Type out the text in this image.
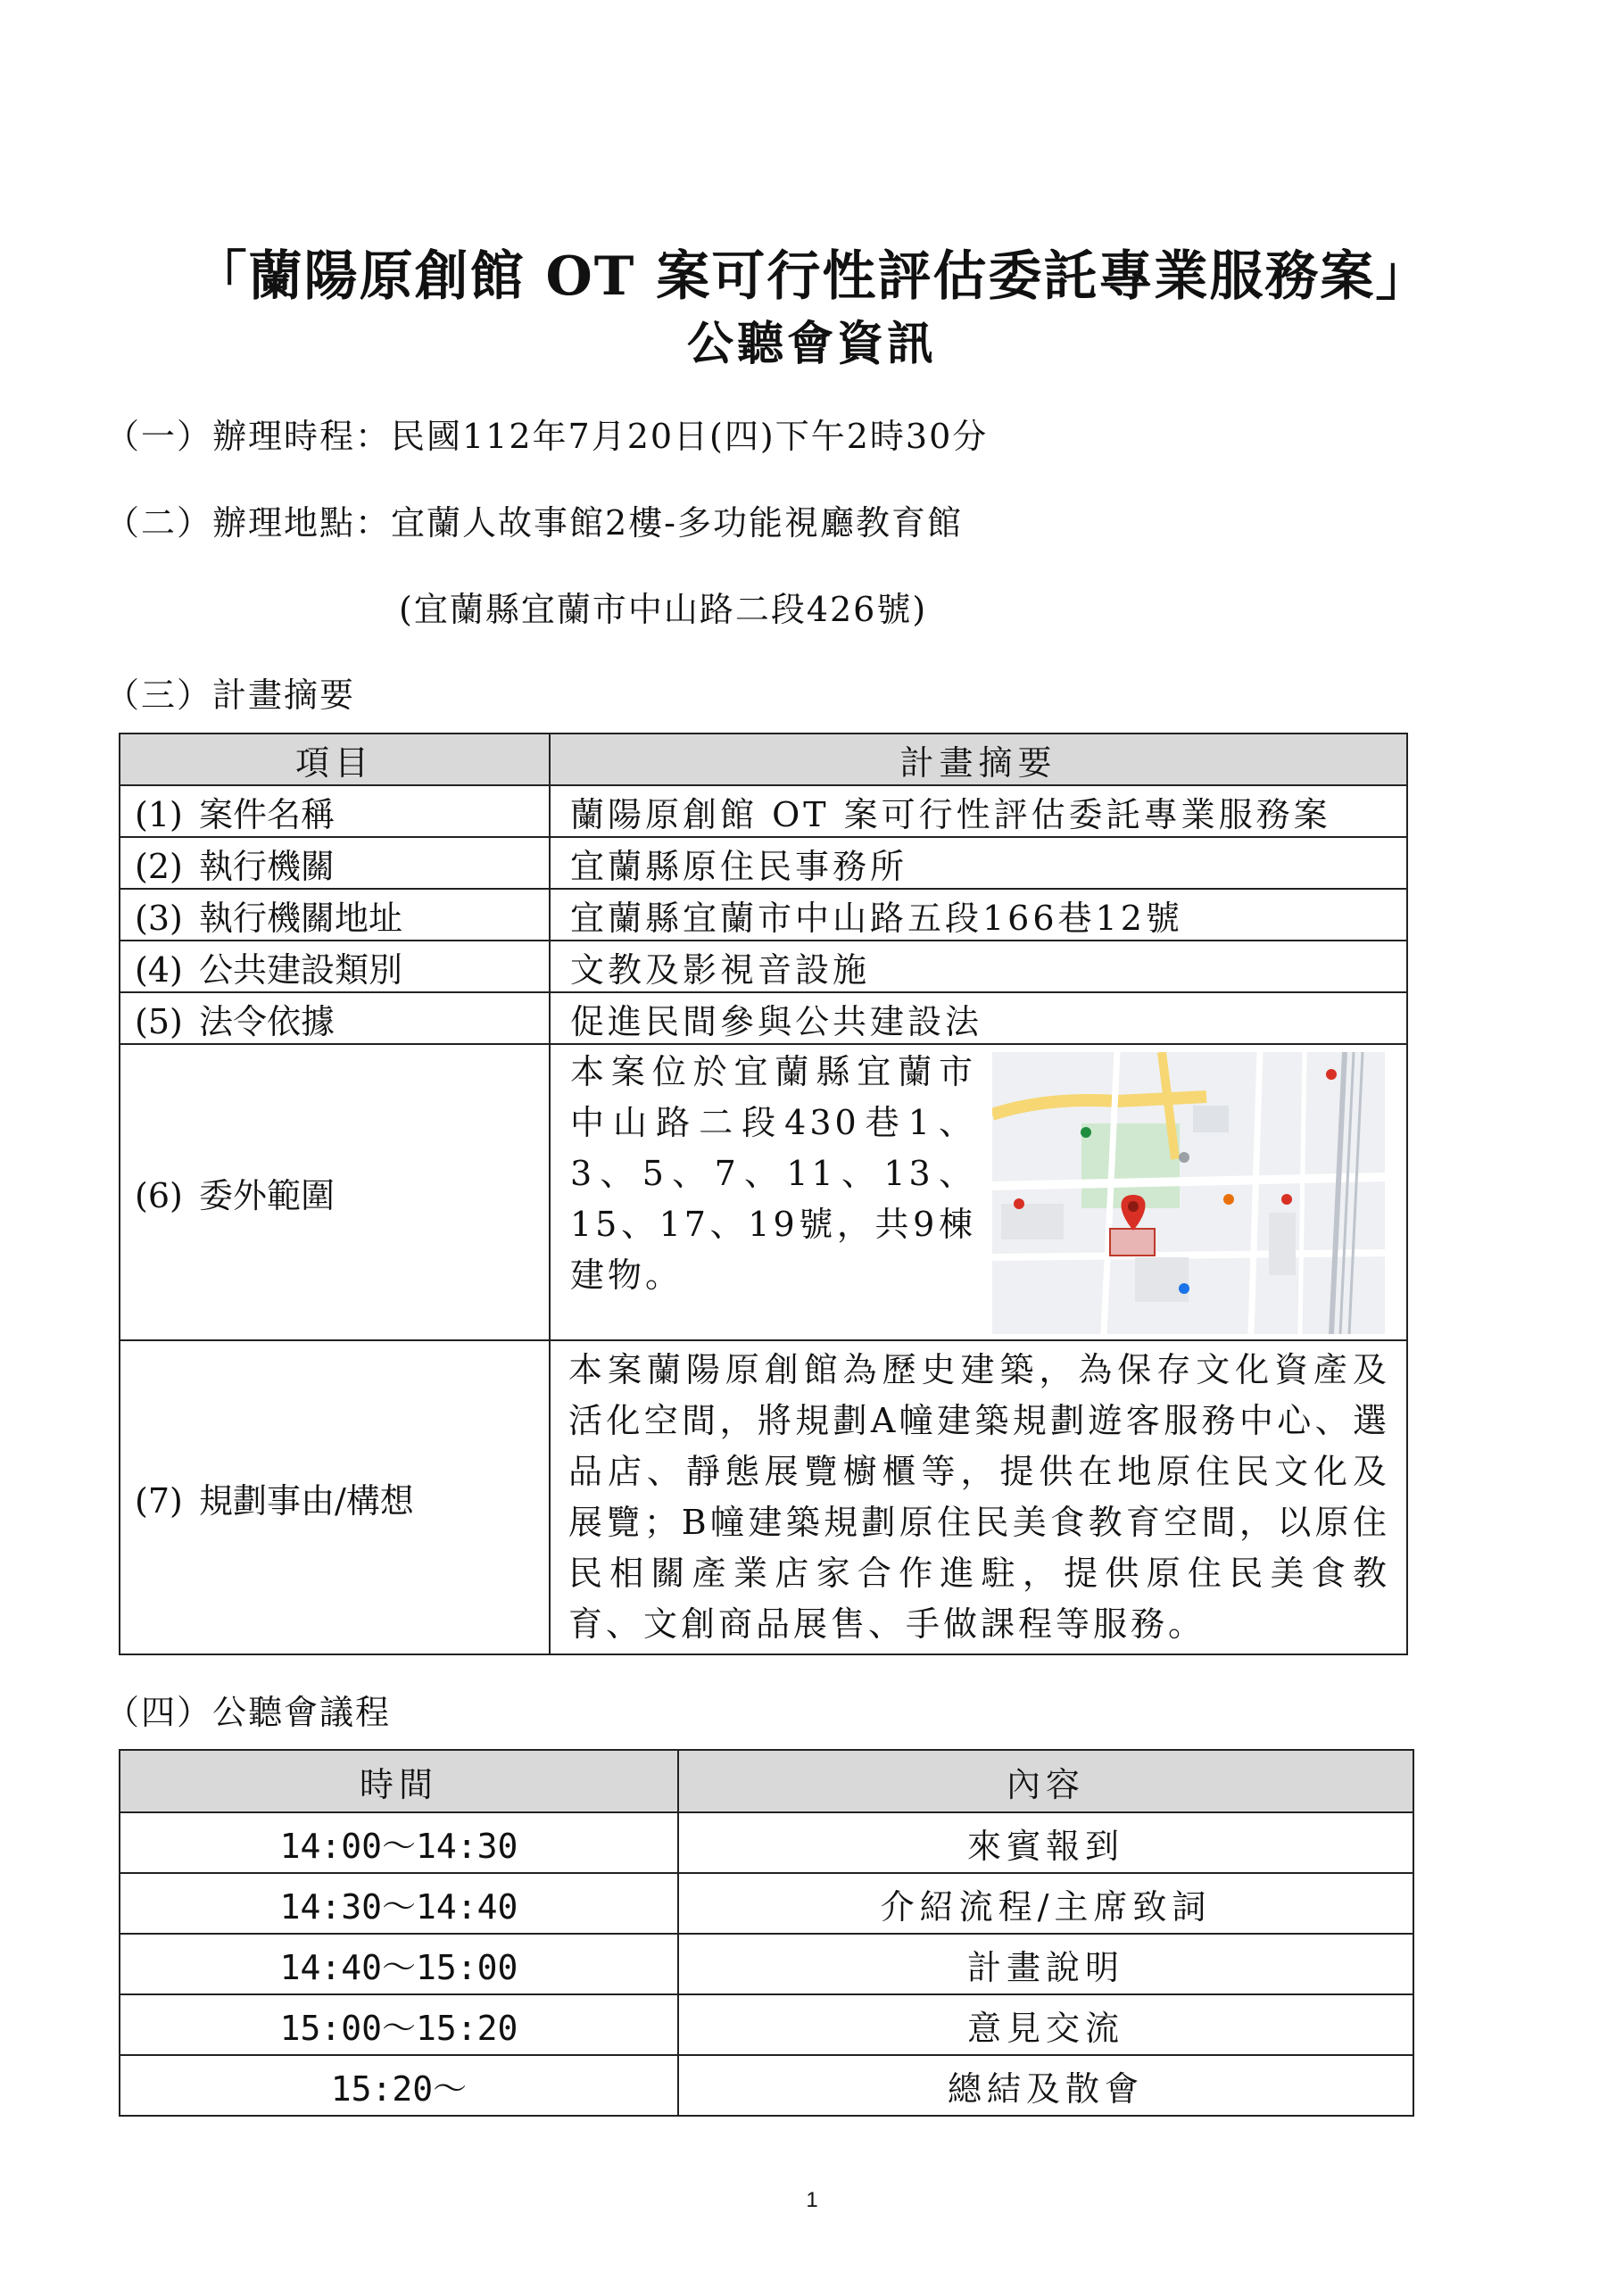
「蘭陽原創館 OT 案可行性評估委託專業服務案」
公聽會資訊
（一）辦理時程：民國112年7月20日(四)下午2時30分
（二）辦理地點：宜蘭人故事館2樓-多功能視廳教育館
(宜蘭縣宜蘭市中山路二段426號)
（三）計畫摘要
項目	計畫摘要
(1) 案件名稱	蘭陽原創館 OT 案可行性評估委託專業服務案
(2) 執行機關	宜蘭縣原住民事務所
(3) 執行機關地址	宜蘭縣宜蘭市中山路五段166巷12號
(4) 公共建設類別	文教及影視音設施
(5) 法令依據	促進民間參與公共建設法
(6) 委外範圍	本案位於宜蘭縣宜蘭市中山路二段430巷1、3、5、7、11、13、15、17、19號，共9棟建物。

(7) 規劃事由/構想	本案蘭陽原創館為歷史建築，為保存文化資產及活化空間，將規劃A幢建築規劃遊客服務中心、選品店、靜態展覽櫥櫃等，提供在地原住民文化及展覽；B幢建築規劃原住民美食教育空間，以原住民相關產業店家合作進駐，提供原住民美食教育、文創商品展售、手做課程等服務。
（四）公聽會議程
時間	內容
14:00～14:30	來賓報到
14:30～14:40	介紹流程/主席致詞
14:40～15:00	計畫說明
15:00～15:20	意見交流
15:20～	總結及散會
1
